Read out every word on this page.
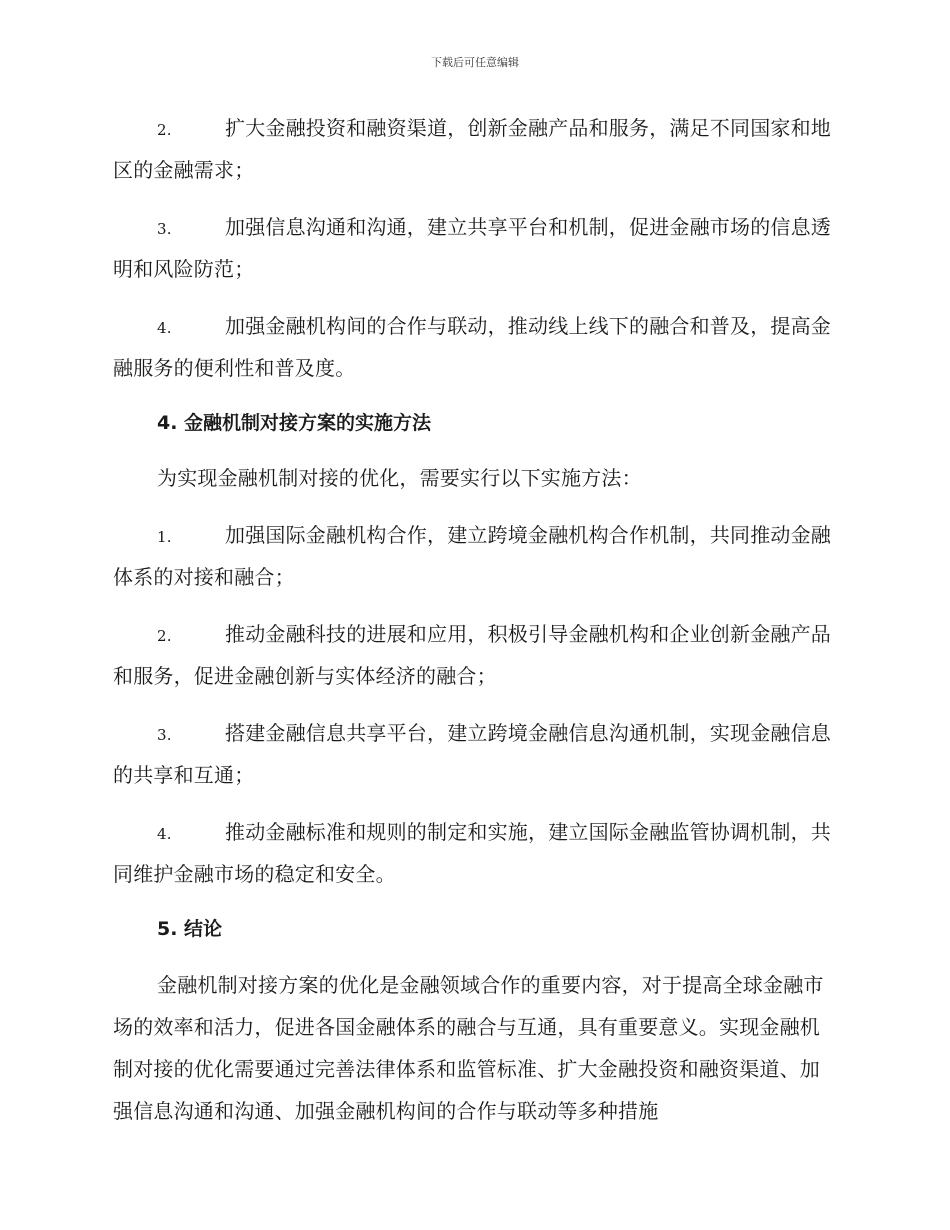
下载后可任意编辑

2.	扩大金融投资和融资渠道，创新金融产品和服务，满足不同国家和地区的金融需求；

3.	加强信息沟通和沟通，建立共享平台和机制，促进金融市场的信息透明和风险防范；

4.	加强金融机构间的合作与联动，推动线上线下的融合和普及，提高金融服务的便利性和普及度。

4. 金融机制对接方案的实施方法

为实现金融机制对接的优化，需要实行以下实施方法：

1.	加强国际金融机构合作，建立跨境金融机构合作机制，共同推动金融体系的对接和融合；

2.	推动金融科技的进展和应用，积极引导金融机构和企业创新金融产品和服务，促进金融创新与实体经济的融合；

3.	搭建金融信息共享平台，建立跨境金融信息沟通机制，实现金融信息的共享和互通；

4.	推动金融标准和规则的制定和实施，建立国际金融监管协调机制，共同维护金融市场的稳定和安全。

5. 结论

金融机制对接方案的优化是金融领域合作的重要内容，对于提高全球金融市场的效率和活力，促进各国金融体系的融合与互通，具有重要意义。实现金融机制对接的优化需要通过完善法律体系和监管标准、扩大金融投资和融资渠道、加强信息沟通和沟通、加强金融机构间的合作与联动等多种措施
